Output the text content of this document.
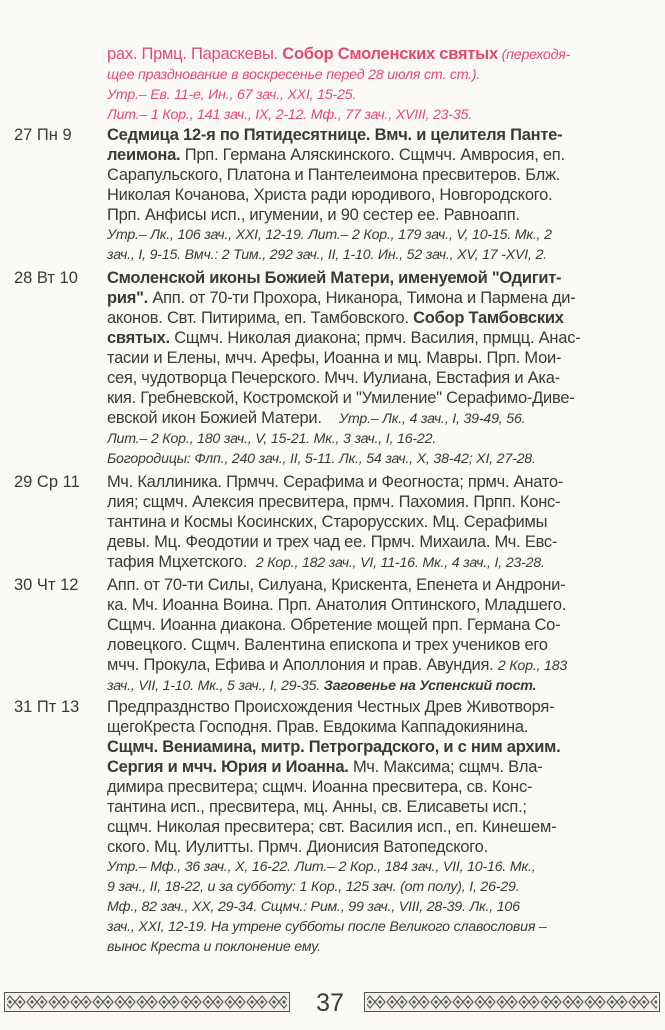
рах. Прмц. Параскевы. Собор Смоленских святых (переходя-
щее празднование в воскресенье перед 28 июля ст. ст.).
Утр.– Ев. 11-е, Ин., 67 зач., XXI, 15-25.
Лит.– 1 Кор., 141 зач., IX, 2-12. Мф., 77 зач., XVIII, 23-35.
27 Пн 9	Седмица 12-я по Пятидесятнице. Вмч. и целителя Панте-
леимона. Прп. Германа Аляскинского. Сщмчч. Амвросия, еп.
Сарапульского, Платона и Пантелеимона пресвитеров. Блж.
Николая Кочанова, Христа ради юродивого, Новгородского.
Прп. Анфисы исп., игумении, и 90 сестер ее. Равноапп.
Утр.– Лк., 106 зач., XXI, 12-19. Лит.– 2 Кор., 179 зач., V, 10-15. Мк., 2
зач., I, 9-15. Вмч.: 2 Тим., 292 зач., II, 1-10. Ин., 52 зач., XV, 17 -XVI, 2.
28 Вт 10	Смоленской иконы Божией Матери, именуемой "Одигит-
рия". Апп. от 70-ти Прохора, Никанора, Тимона и Пармена ди-
аконов. Свт. Питирима, еп. Тамбовского. Собор Тамбовских
святых. Сщмч. Николая диакона; прмч. Василия, прмцц. Анас-
тасии и Елены, мчч. Арефы, Иоанна и мц. Мавры. Прп. Мои-
сея, чудотворца Печерского. Мчч. Иулиана, Евстафия и Ака-
кия. Гребневской, Костромской и "Умиление" Серафимо-Диве-
евской икон Божией Матери. Утр.– Лк., 4 зач., I, 39-49, 56.
Лит.– 2 Кор., 180 зач., V, 15-21. Мк., 3 зач., I, 16-22.
Богородицы: Флп., 240 зач., II, 5-11. Лк., 54 зач., X, 38-42; XI, 27-28.
29 Ср 11	Мч. Каллиника. Прмчч. Серафима и Феогноста; прмч. Анато-
лия; сщмч. Алексия пресвитера, прмч. Пахомия. Прпп. Конс-
тантина и Космы Косинских, Старорусских. Мц. Серафимы
девы. Мц. Феодотии и трех чад ее. Прмч. Михаила. Мч. Евс-
тафия Мцхетского. 2 Кор., 182 зач., VI, 11-16. Мк., 4 зач., I, 23-28.
30 Чт 12	Апп. от 70-ти Силы, Силуана, Крискента, Епенета и Андрони-
ка. Мч. Иоанна Воина. Прп. Анатолия Оптинского, Младшего.
Сщмч. Иоанна диакона. Обретение мощей прп. Германа Со-
ловецкого. Сщмч. Валентина епископа и трех учеников его
мчч. Прокула, Ефива и Аполлония и прав. Авундия. 2 Кор., 183
зач., VII, 1-10. Мк., 5 зач., I, 29-35. Заговенье на Успенский пост.
31 Пт 13	Предпразднство Происхождения Честных Древ Животворя-
щегоКреста Господня. Прав. Евдокима Каппадокиянина.
Сщмч. Вениамина, митр. Петроградского, и с ним архим.
Сергия и мчч. Юрия и Иоанна. Мч. Максима; сщмч. Вла-
димира пресвитера; сщмч. Иоанна пресвитера, св. Конс-
тантина исп., пресвитера, мц. Анны, св. Елисаветы исп.;
сщмч. Николая пресвитера; свт. Василия исп., еп. Кинешем-
ского. Мц. Иулитты. Прмч. Дионисия Ватопедского.
Утр.– Мф., 36 зач., X, 16-22. Лит.– 2 Кор., 184 зач., VII, 10-16. Мк.,
9 зач., II, 18-22, и за субботу: 1 Кор., 125 зач. (от полу), I, 26-29.
Мф., 82 зач., XX, 29-34. Сщмч.: Рим., 99 зач., VIII, 28-39. Лк., 106
зач., XXI, 12-19. На утрене субботы после Великого славословия –
вынос Креста и поклонение ему.
37
